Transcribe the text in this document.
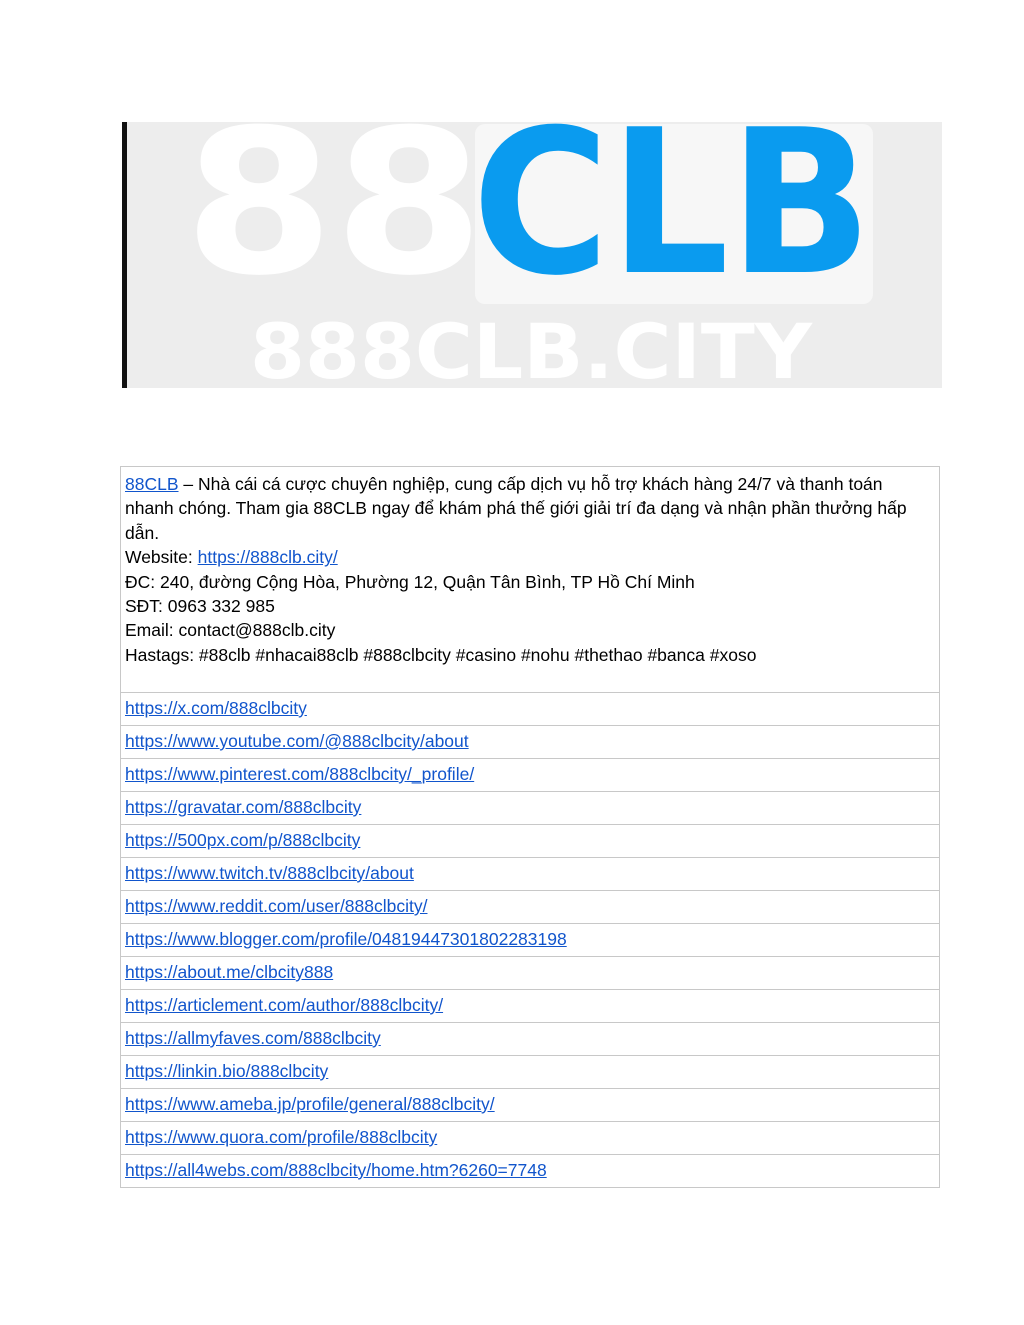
88
CLB
888CLB.CITY
88CLB – Nhà cái cá cược chuyên nghiệp, cung cấp dịch vụ hỗ trợ khách hàng 24/7 và thanh toán nhanh chóng. Tham gia 88CLB ngay để khám phá thế giới giải trí đa dạng và nhận phần thưởng hấp dẫn.
Website: https://888clb.city/
ĐC: 240, đường Cộng Hòa, Phường 12, Quận Tân Bình, TP Hồ Chí Minh
SĐT: 0963 332 985
Email: contact@888clb.city
Hastags: #88clb #nhacai88clb #888clbcity #casino #nohu #thethao #banca #xoso

https://x.com/888clbcity
https://www.youtube.com/@888clbcity/about
https://www.pinterest.com/888clbcity/_profile/
https://gravatar.com/888clbcity
https://500px.com/p/888clbcity
https://www.twitch.tv/888clbcity/about
https://www.reddit.com/user/888clbcity/
https://www.blogger.com/profile/04819447301802283198
https://about.me/clbcity888
https://articlement.com/author/888clbcity/
https://allmyfaves.com/888clbcity
https://linkin.bio/888clbcity
https://www.ameba.jp/profile/general/888clbcity/
https://www.quora.com/profile/888clbcity
https://all4webs.com/888clbcity/home.htm?6260=7748
